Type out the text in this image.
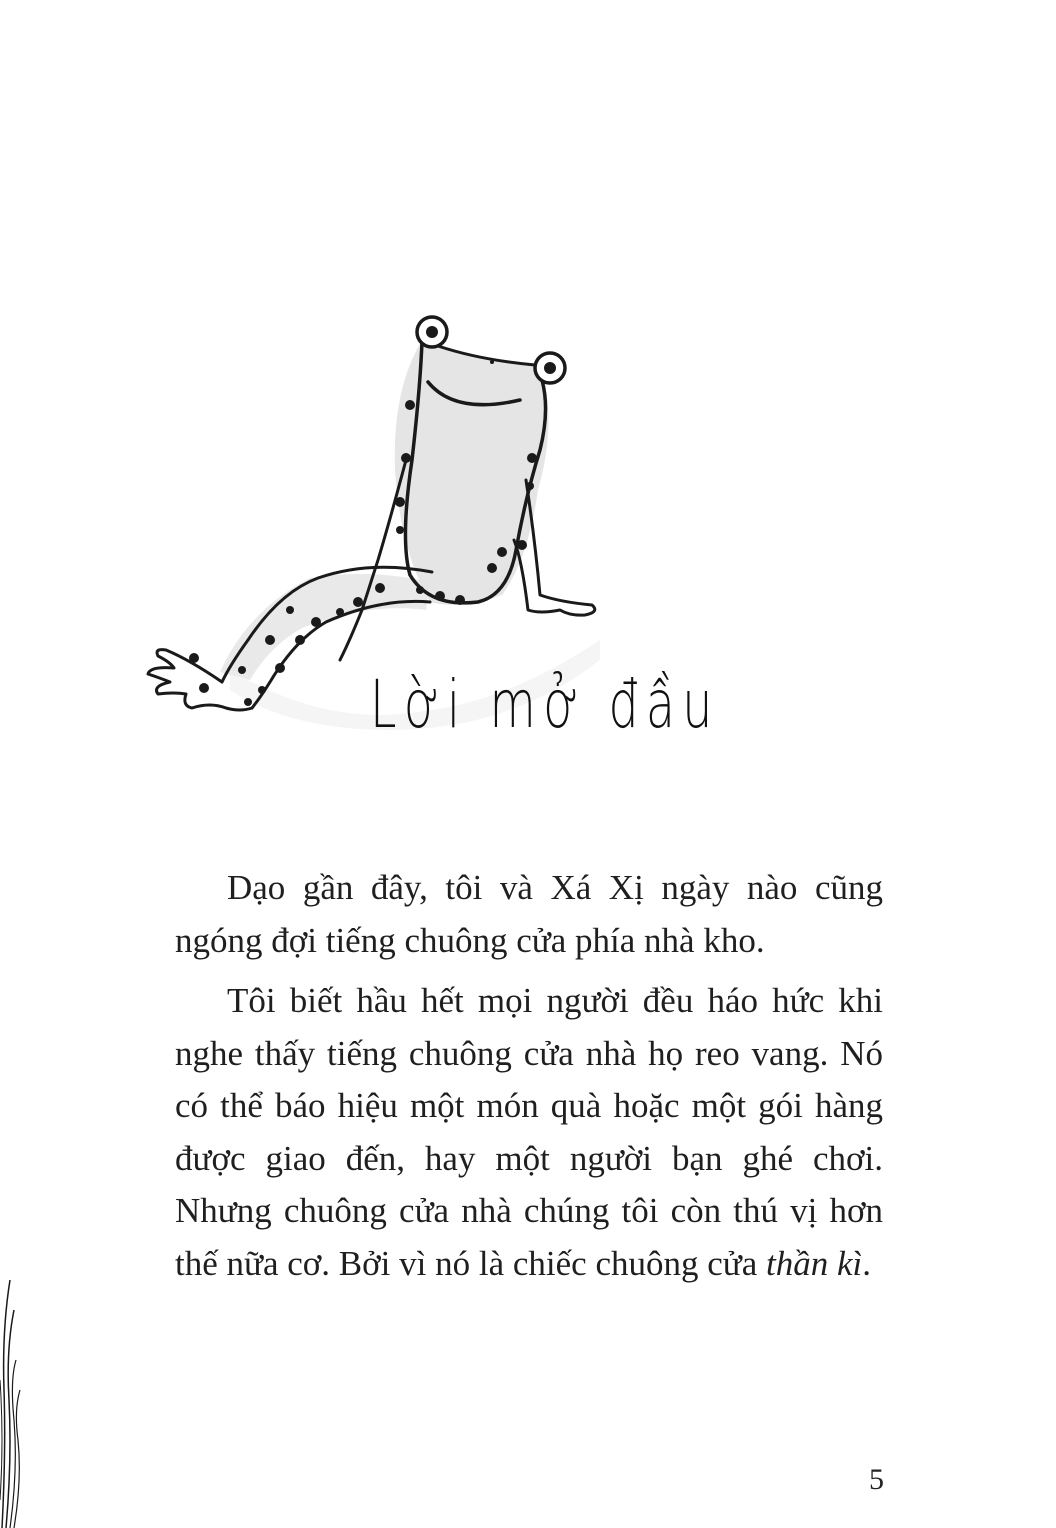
Lời mở đầu

Dạo gần đây, tôi và Xá Xị ngày nào cũng ngóng đợi tiếng chuông cửa phía nhà kho.

Tôi biết hầu hết mọi người đều háo hức khi nghe thấy tiếng chuông cửa nhà họ reo vang. Nó có thể báo hiệu một món quà hoặc một gói hàng được giao đến, hay một người bạn ghé chơi. Nhưng chuông cửa nhà chúng tôi còn thú vị hơn thế nữa cơ. Bởi vì nó là chiếc chuông cửa thần kì.

5
